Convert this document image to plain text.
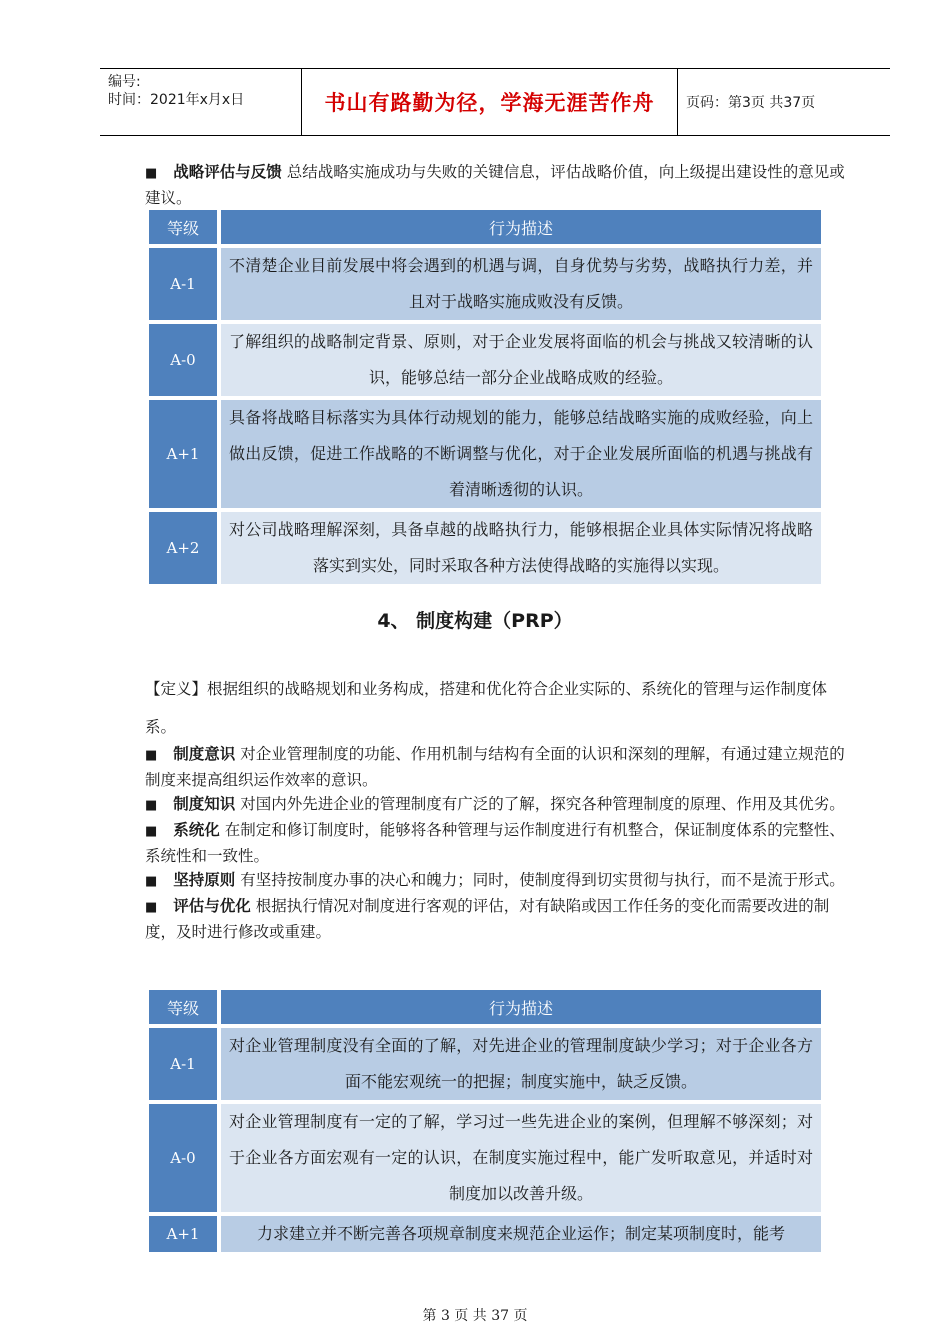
编号:
时间：2021年x月x日	书山有路勤为径，学海无涯苦作舟	页码：第3页 共37页
■ 战略评估与反馈 总结战略实施成功与失败的关键信息，评估战略价值，向上级提出建设性的意见或建议。
等级	行为描述
A-1	不清楚企业目前发展中将会遇到的机遇与调，自身优势与劣势，战略执行力差，并且对于战略实施成败没有反馈。
A-0	了解组织的战略制定背景、原则，对于企业发展将面临的机会与挑战又较清晰的认识，能够总结一部分企业战略成败的经验。
A+1	具备将战略目标落实为具体行动规划的能力，能够总结战略实施的成败经验，向上做出反馈，促进工作战略的不断调整与优化，对于企业发展所面临的机遇与挑战有着清晰透彻的认识。
A+2	对公司战略理解深刻，具备卓越的战略执行力，能够根据企业具体实际情况将战略落实到实处，同时采取各种方法使得战略的实施得以实现。
4、 制度构建（PRP）
【定义】根据组织的战略规划和业务构成，搭建和优化符合企业实际的、系统化的管理与运作制度体系。
■ 制度意识 对企业管理制度的功能、作用机制与结构有全面的认识和深刻的理解，有通过建立规范的制度来提高组织运作效率的意识。
■ 制度知识 对国内外先进企业的管理制度有广泛的了解，探究各种管理制度的原理、作用及其优劣。
■ 系统化 在制定和修订制度时，能够将各种管理与运作制度进行有机整合，保证制度体系的完整性、系统性和一致性。
■ 坚持原则 有坚持按制度办事的决心和魄力；同时，使制度得到切实贯彻与执行，而不是流于形式。
■ 评估与优化 根据执行情况对制度进行客观的评估，对有缺陷或因工作任务的变化而需要改进的制度，及时进行修改或重建。
等级	行为描述
A-1	对企业管理制度没有全面的了解，对先进企业的管理制度缺少学习；对于企业各方面不能宏观统一的把握；制度实施中，缺乏反馈。
A-0	对企业管理制度有一定的了解，学习过一些先进企业的案例，但理解不够深刻；对于企业各方面宏观有一定的认识，在制度实施过程中，能广发听取意见，并适时对制度加以改善升级。
A+1	力求建立并不断完善各项规章制度来规范企业运作；制定某项制度时，能考
第 3 页 共 37 页
